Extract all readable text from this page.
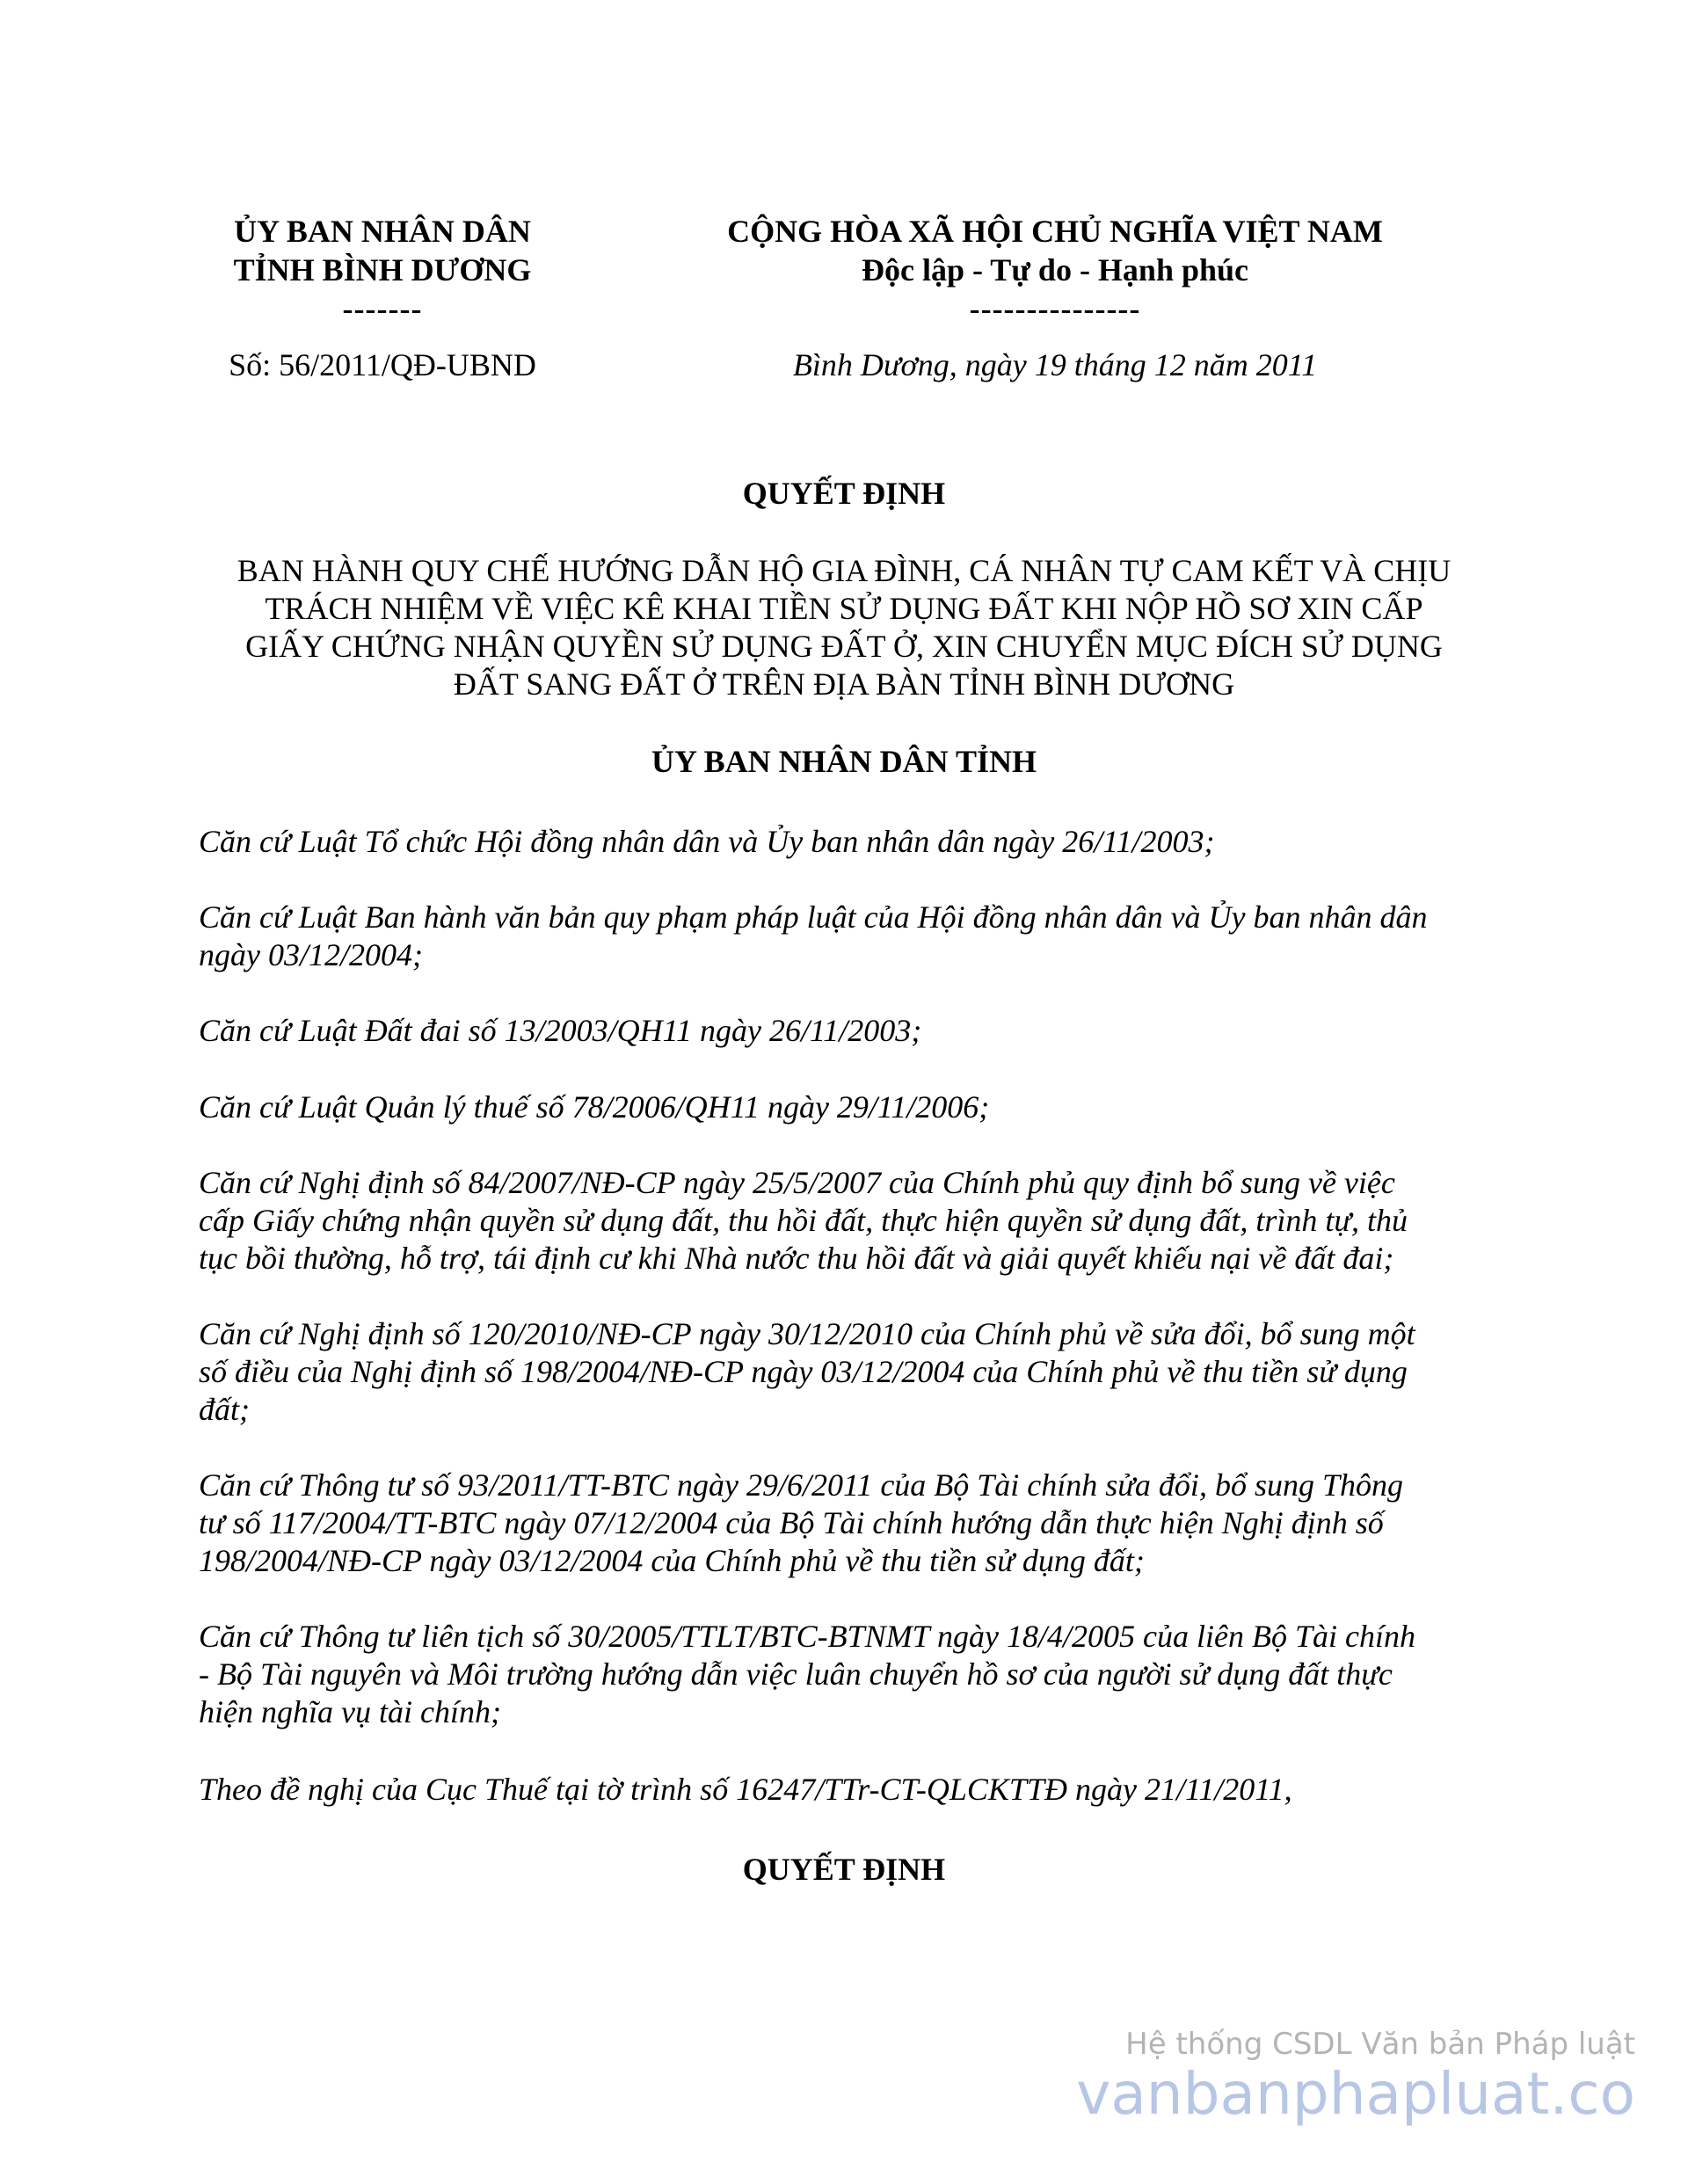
ỦY BAN NHÂN DÂN
TỈNH BÌNH DƯƠNG
-------
CỘNG HÒA XÃ HỘI CHỦ NGHĨA VIỆT NAM
Độc lập - Tự do - Hạnh phúc
---------------
Số: 56/2011/QĐ-UBND	Bình Dương, ngày 19 tháng 12 năm 2011
QUYẾT ĐỊNH
BAN HÀNH QUY CHẾ HƯỚNG DẪN HỘ GIA ĐÌNH, CÁ NHÂN TỰ CAM KẾT VÀ CHỊU
TRÁCH NHIỆM VỀ VIỆC KÊ KHAI TIỀN SỬ DỤNG ĐẤT KHI NỘP HỒ SƠ XIN CẤP
GIẤY CHỨNG NHẬN QUYỀN SỬ DỤNG ĐẤT Ở, XIN CHUYỂN MỤC ĐÍCH SỬ DỤNG
ĐẤT SANG ĐẤT Ở TRÊN ĐỊA BÀN TỈNH BÌNH DƯƠNG
ỦY BAN NHÂN DÂN TỈNH
Căn cứ Luật Tổ chức Hội đồng nhân dân và Ủy ban nhân dân ngày 26/11/2003;
Căn cứ Luật Ban hành văn bản quy phạm pháp luật của Hội đồng nhân dân và Ủy ban nhân dân
ngày 03/12/2004;
Căn cứ Luật Đất đai số 13/2003/QH11 ngày 26/11/2003;
Căn cứ Luật Quản lý thuế số 78/2006/QH11 ngày 29/11/2006;
Căn cứ Nghị định số 84/2007/NĐ-CP ngày 25/5/2007 của Chính phủ quy định bổ sung về việc
cấp Giấy chứng nhận quyền sử dụng đất, thu hồi đất, thực hiện quyền sử dụng đất, trình tự, thủ
tục bồi thường, hỗ trợ, tái định cư khi Nhà nước thu hồi đất và giải quyết khiếu nại về đất đai;
Căn cứ Nghị định số 120/2010/NĐ-CP ngày 30/12/2010 của Chính phủ về sửa đổi, bổ sung một
số điều của Nghị định số 198/2004/NĐ-CP ngày 03/12/2004 của Chính phủ về thu tiền sử dụng
đất;
Căn cứ Thông tư số 93/2011/TT-BTC ngày 29/6/2011 của Bộ Tài chính sửa đổi, bổ sung Thông
tư số 117/2004/TT-BTC ngày 07/12/2004 của Bộ Tài chính hướng dẫn thực hiện Nghị định số
198/2004/NĐ-CP ngày 03/12/2004 của Chính phủ về thu tiền sử dụng đất;
Căn cứ Thông tư liên tịch số 30/2005/TTLT/BTC-BTNMT ngày 18/4/2005 của liên Bộ Tài chính
- Bộ Tài nguyên và Môi trường hướng dẫn việc luân chuyển hồ sơ của người sử dụng đất thực
hiện nghĩa vụ tài chính;
Theo đề nghị của Cục Thuế tại tờ trình số 16247/TTr-CT-QLCKTTĐ ngày 21/11/2011,
QUYẾT ĐỊNH
Hệ thống CSDL Văn bản Pháp luật
vanbanphapluat.co
